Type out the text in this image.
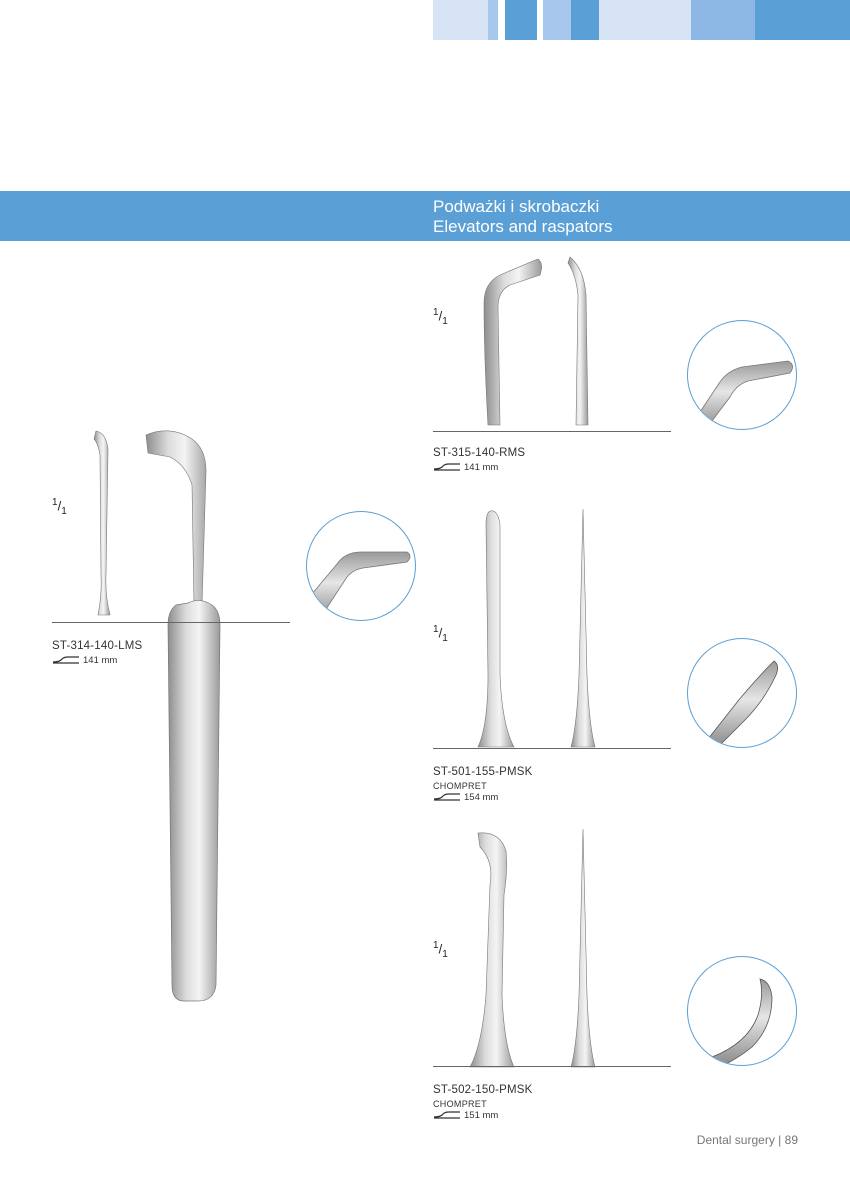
Podważki i skrobaczki
Elevators and raspators
$^1/_1$
ST-314-140-LMS
141 mm
$^1/_1$
ST-315-140-RMS
141 mm
$^1/_1$
ST-501-155-PMSK
CHOMPRET
154 mm
$^1/_1$
ST-502-150-PMSK
CHOMPRET
151 mm
Dental surgery | 89
